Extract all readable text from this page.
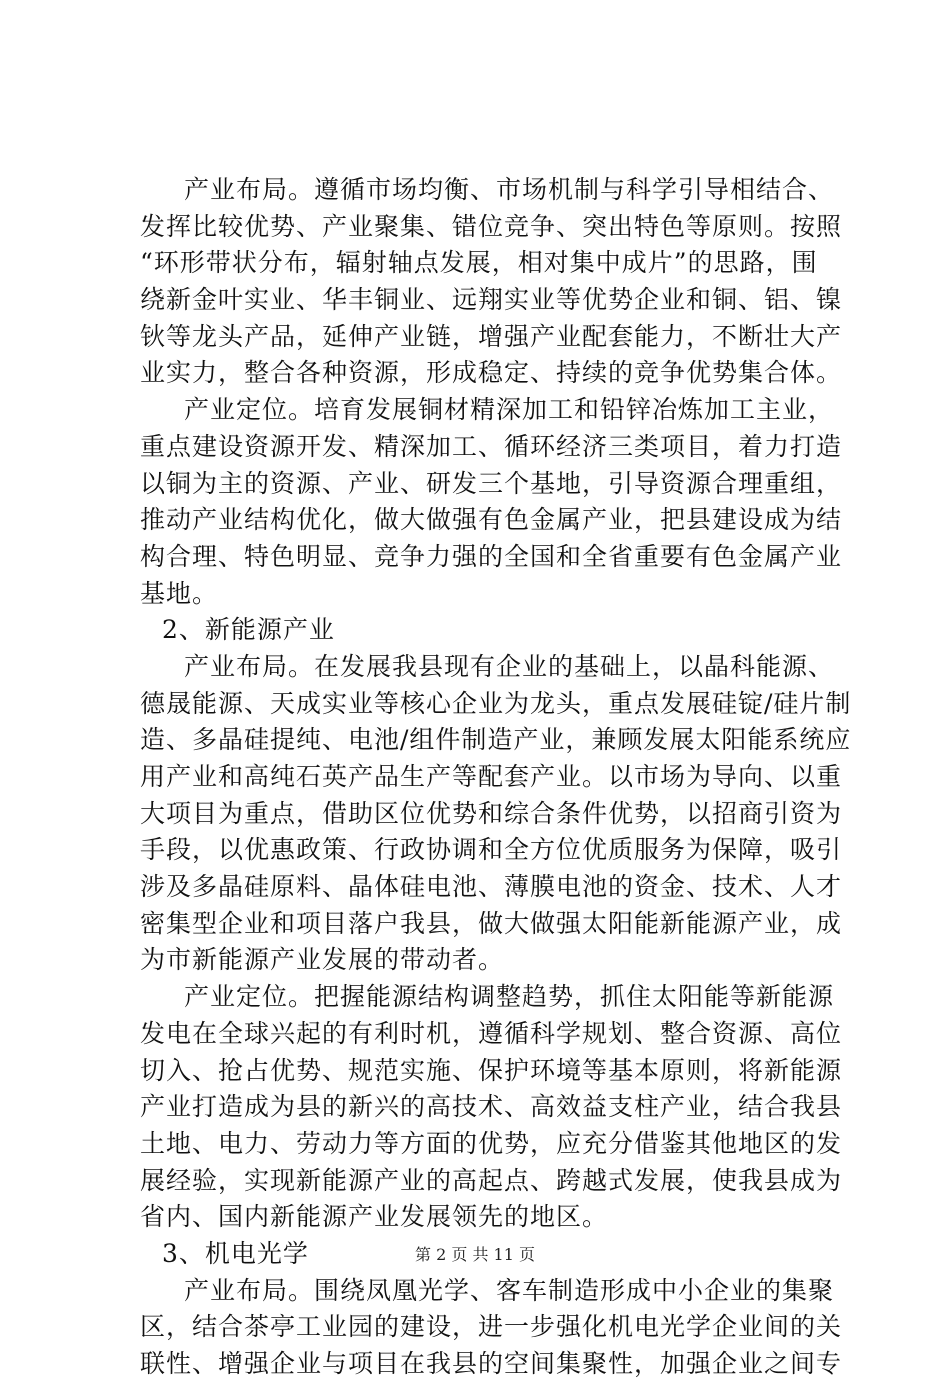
产业布局。遵循市场均衡、市场机制与科学引导相结合、
发挥比较优势、产业聚集、错位竞争、突出特色等原则。按照
“环形带状分布，辐射轴点发展，相对集中成片”的思路，围
绕新金叶实业、华丰铜业、远翔实业等优势企业和铜、铝、镍
钬等龙头产品，延伸产业链，增强产业配套能力，不断壮大产
业实力，整合各种资源，形成稳定、持续的竞争优势集合体。
产业定位。培育发展铜材精深加工和铅锌冶炼加工主业，
重点建设资源开发、精深加工、循环经济三类项目，着力打造
以铜为主的资源、产业、研发三个基地，引导资源合理重组，
推动产业结构优化，做大做强有色金属产业，把县建设成为结
构合理、特色明显、竞争力强的全国和全省重要有色金属产业
基地。
2、新能源产业
产业布局。在发展我县现有企业的基础上，以晶科能源、
德晟能源、天成实业等核心企业为龙头，重点发展硅锭/硅片制
造、多晶硅提纯、电池/组件制造产业，兼顾发展太阳能系统应
用产业和高纯石英产品生产等配套产业。以市场为导向、以重
大项目为重点，借助区位优势和综合条件优势，以招商引资为
手段，以优惠政策、行政协调和全方位优质服务为保障，吸引
涉及多晶硅原料、晶体硅电池、薄膜电池的资金、技术、人才
密集型企业和项目落户我县，做大做强太阳能新能源产业，成
为市新能源产业发展的带动者。
产业定位。把握能源结构调整趋势，抓住太阳能等新能源
发电在全球兴起的有利时机，遵循科学规划、整合资源、高位
切入、抢占优势、规范实施、保护环境等基本原则，将新能源
产业打造成为县的新兴的高技术、高效益支柱产业，结合我县
土地、电力、劳动力等方面的优势，应充分借鉴其他地区的发
展经验，实现新能源产业的高起点、跨越式发展，使我县成为
省内、国内新能源产业发展领先的地区。
3、机电光学
产业布局。围绕凤凰光学、客车制造形成中小企业的集聚
区，结合茶亭工业园的建设，进一步强化机电光学企业间的关
联性、增强企业与项目在我县的空间集聚性，加强企业之间专
第 2 页 共 11 页
